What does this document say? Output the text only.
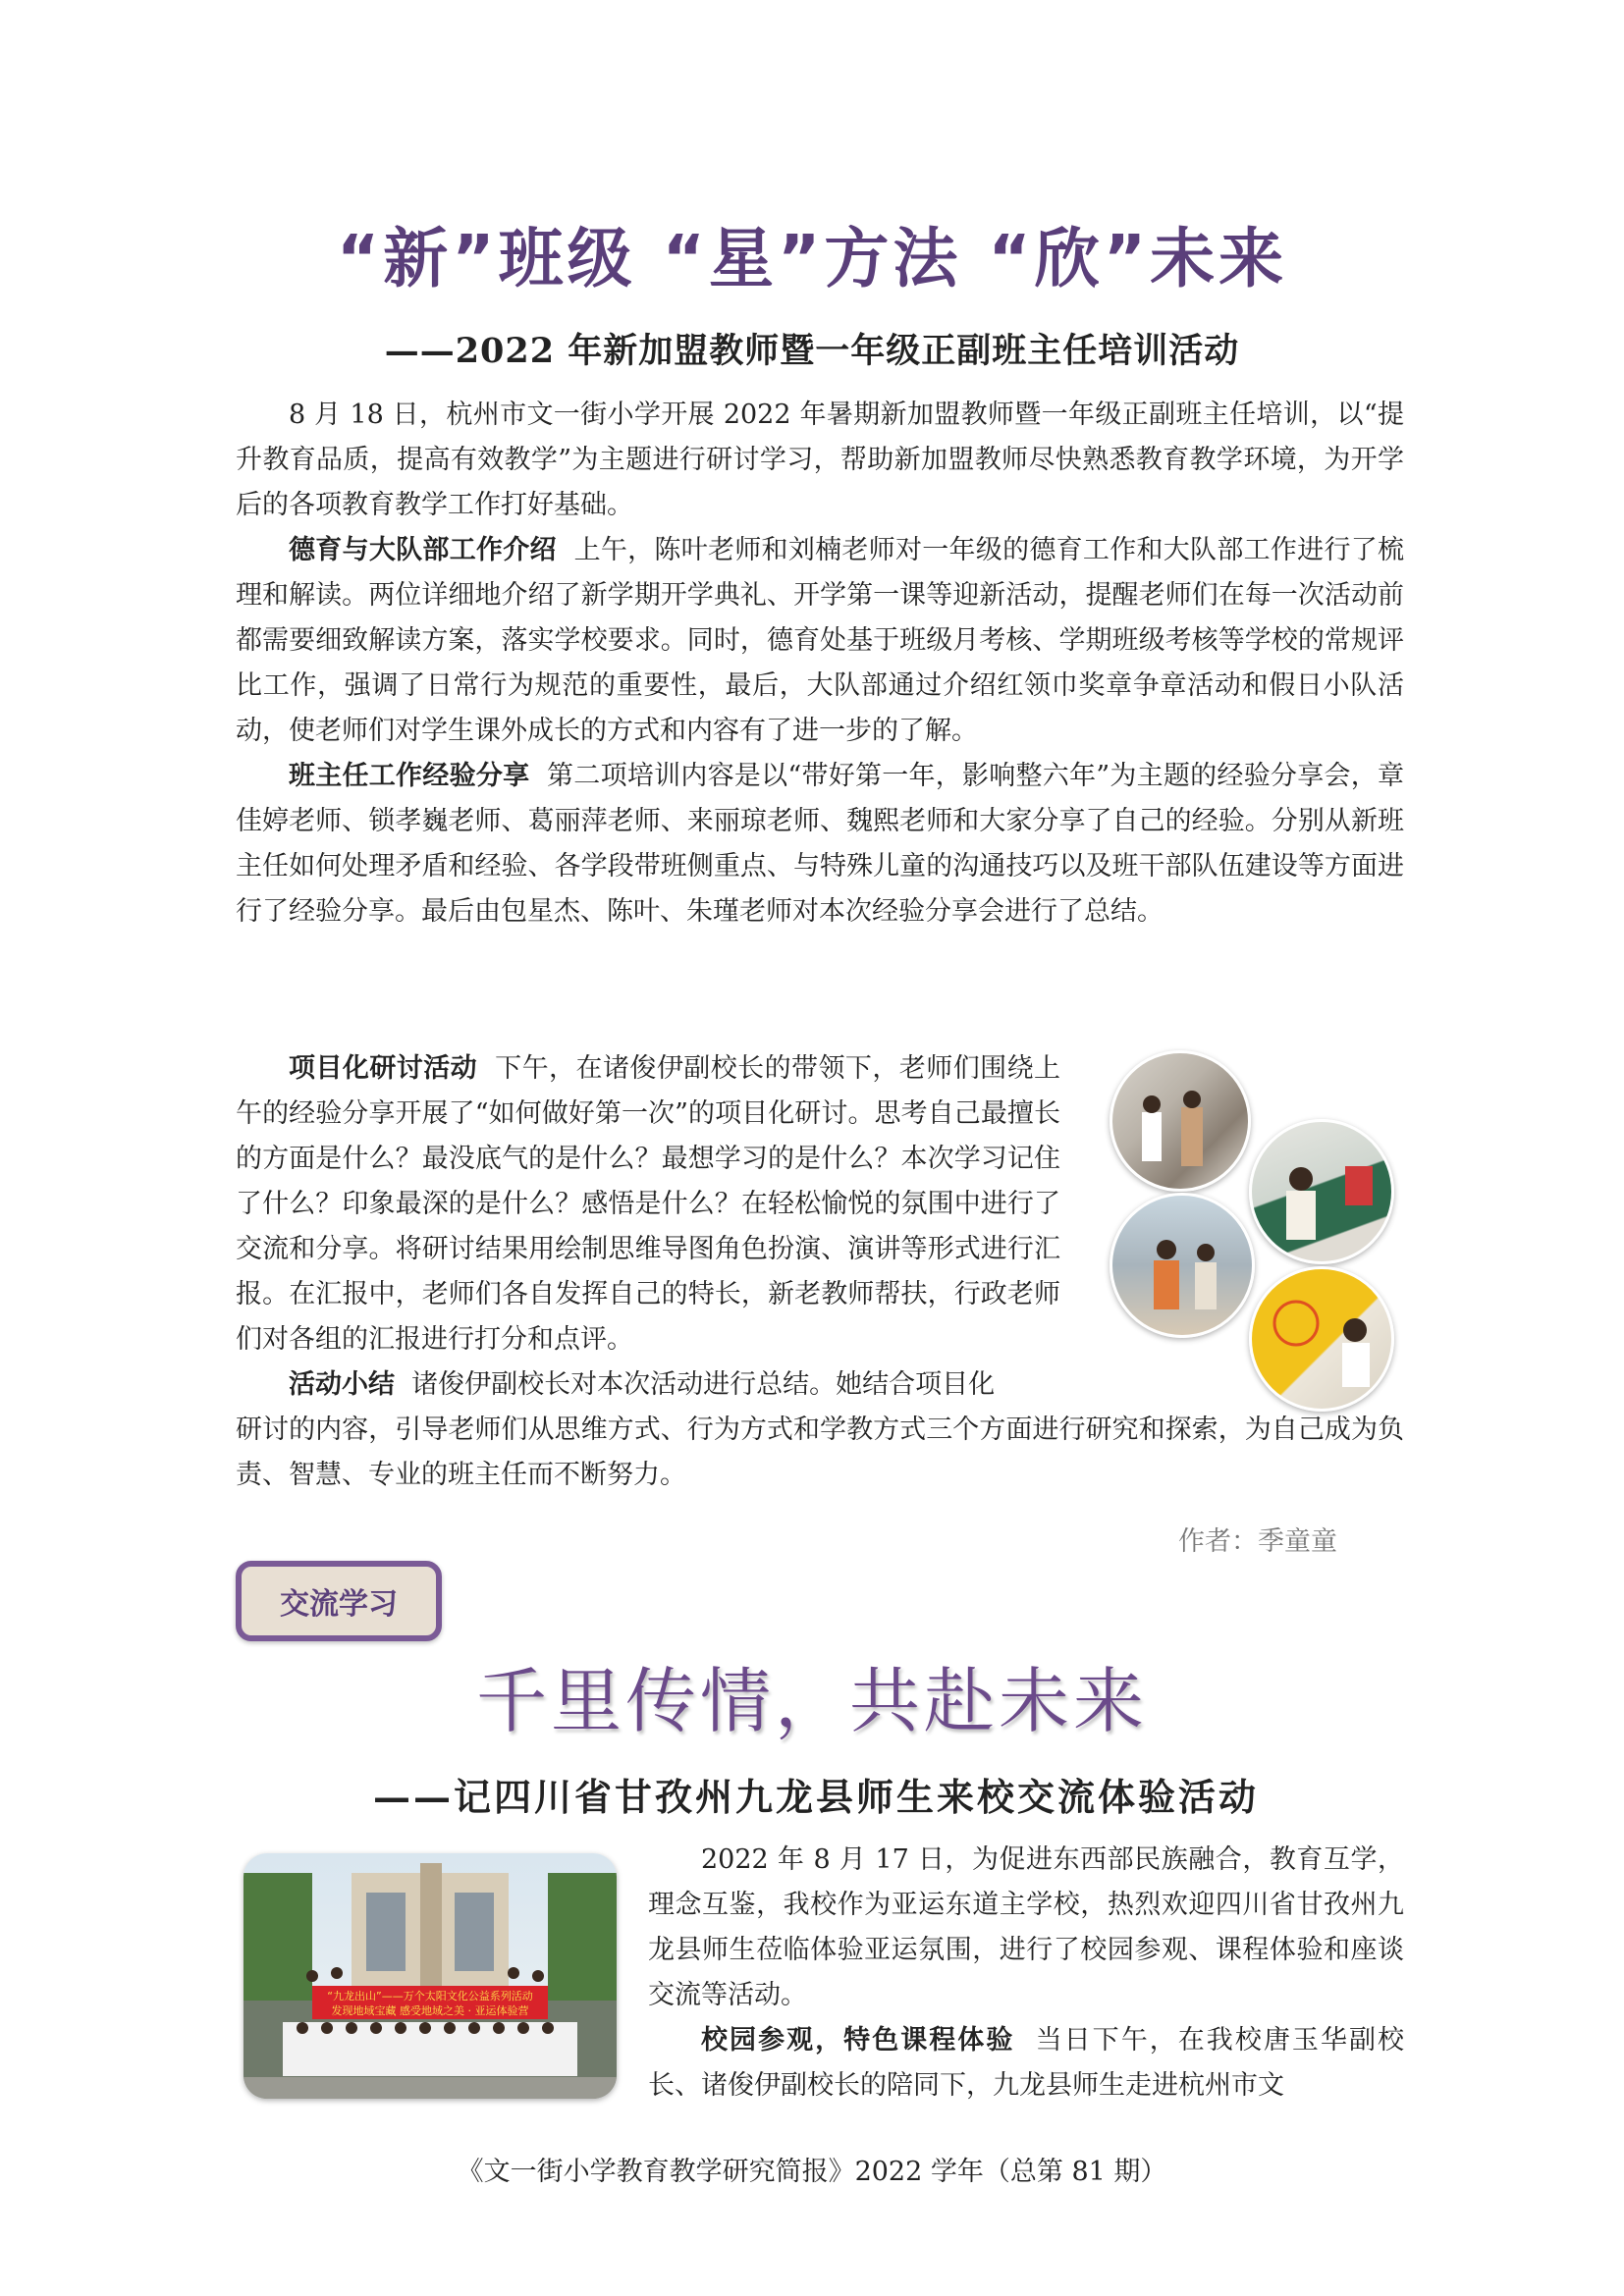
“新”班级 “星”方法 “欣”未来
——2022 年新加盟教师暨一年级正副班主任培训活动

8 月 18 日，杭州市文一街小学开展 2022 年暑期新加盟教师暨一年级正副班主任培训，以“提升教育品质，提高有效教学”为主题进行研讨学习，帮助新加盟教师尽快熟悉教育教学环境，为开学后的各项教育教学工作打好基础。

德育与大队部工作介绍 上午，陈叶老师和刘楠老师对一年级的德育工作和大队部工作进行了梳理和解读。两位详细地介绍了新学期开学典礼、开学第一课等迎新活动，提醒老师们在每一次活动前都需要细致解读方案，落实学校要求。同时，德育处基于班级月考核、学期班级考核等学校的常规评比工作，强调了日常行为规范的重要性，最后，大队部通过介绍红领巾奖章争章活动和假日小队活动，使老师们对学生课外成长的方式和内容有了进一步的了解。

班主任工作经验分享 第二项培训内容是以“带好第一年，影响整六年”为主题的经验分享会，章佳婷老师、锁孝巍老师、葛丽萍老师、来丽琼老师、魏熙老师和大家分享了自己的经验。分别从新班主任如何处理矛盾和经验、各学段带班侧重点、与特殊儿童的沟通技巧以及班干部队伍建设等方面进行了经验分享。最后由包星杰、陈叶、朱瑾老师对本次经验分享会进行了总结。

项目化研讨活动 下午，在诸俊伊副校长的带领下，老师们围绕上午的经验分享开展了“如何做好第一次”的项目化研讨。思考自己最擅长的方面是什么？最没底气的是什么？最想学习的是什么？本次学习记住了什么？印象最深的是什么？感悟是什么？在轻松愉悦的氛围中进行了交流和分享。将研讨结果用绘制思维导图角色扮演、演讲等形式进行汇报。在汇报中，老师们各自发挥自己的特长，新老教师帮扶，行政老师们对各组的汇报进行打分和点评。

活动小结 诸俊伊副校长对本次活动进行总结。她结合项目化

研讨的内容，引导老师们从思维方式、行为方式和学教方式三个方面进行研究和探索，为自己成为负责、智慧、专业的班主任而不断努力。
作者：季童童
交流学习
千里传情，共赴未来
——记四川省甘孜州九龙县师生来校交流体验活动
“九龙出山”——万个太阳文化公益系列活动
发现地域宝藏 感受地域之美 · 亚运体验营

2022 年 8 月 17 日，为促进东西部民族融合，教育互学，理念互鉴，我校作为亚运东道主学校，热烈欢迎四川省甘孜州九龙县师生莅临体验亚运氛围，进行了校园参观、课程体验和座谈交流等活动。

校园参观，特色课程体验 当日下午，在我校唐玉华副校长、诸俊伊副校长的陪同下，九龙县师生走进杭州市文

《文一街小学教育教学研究简报》2022 学年（总第 81 期）
